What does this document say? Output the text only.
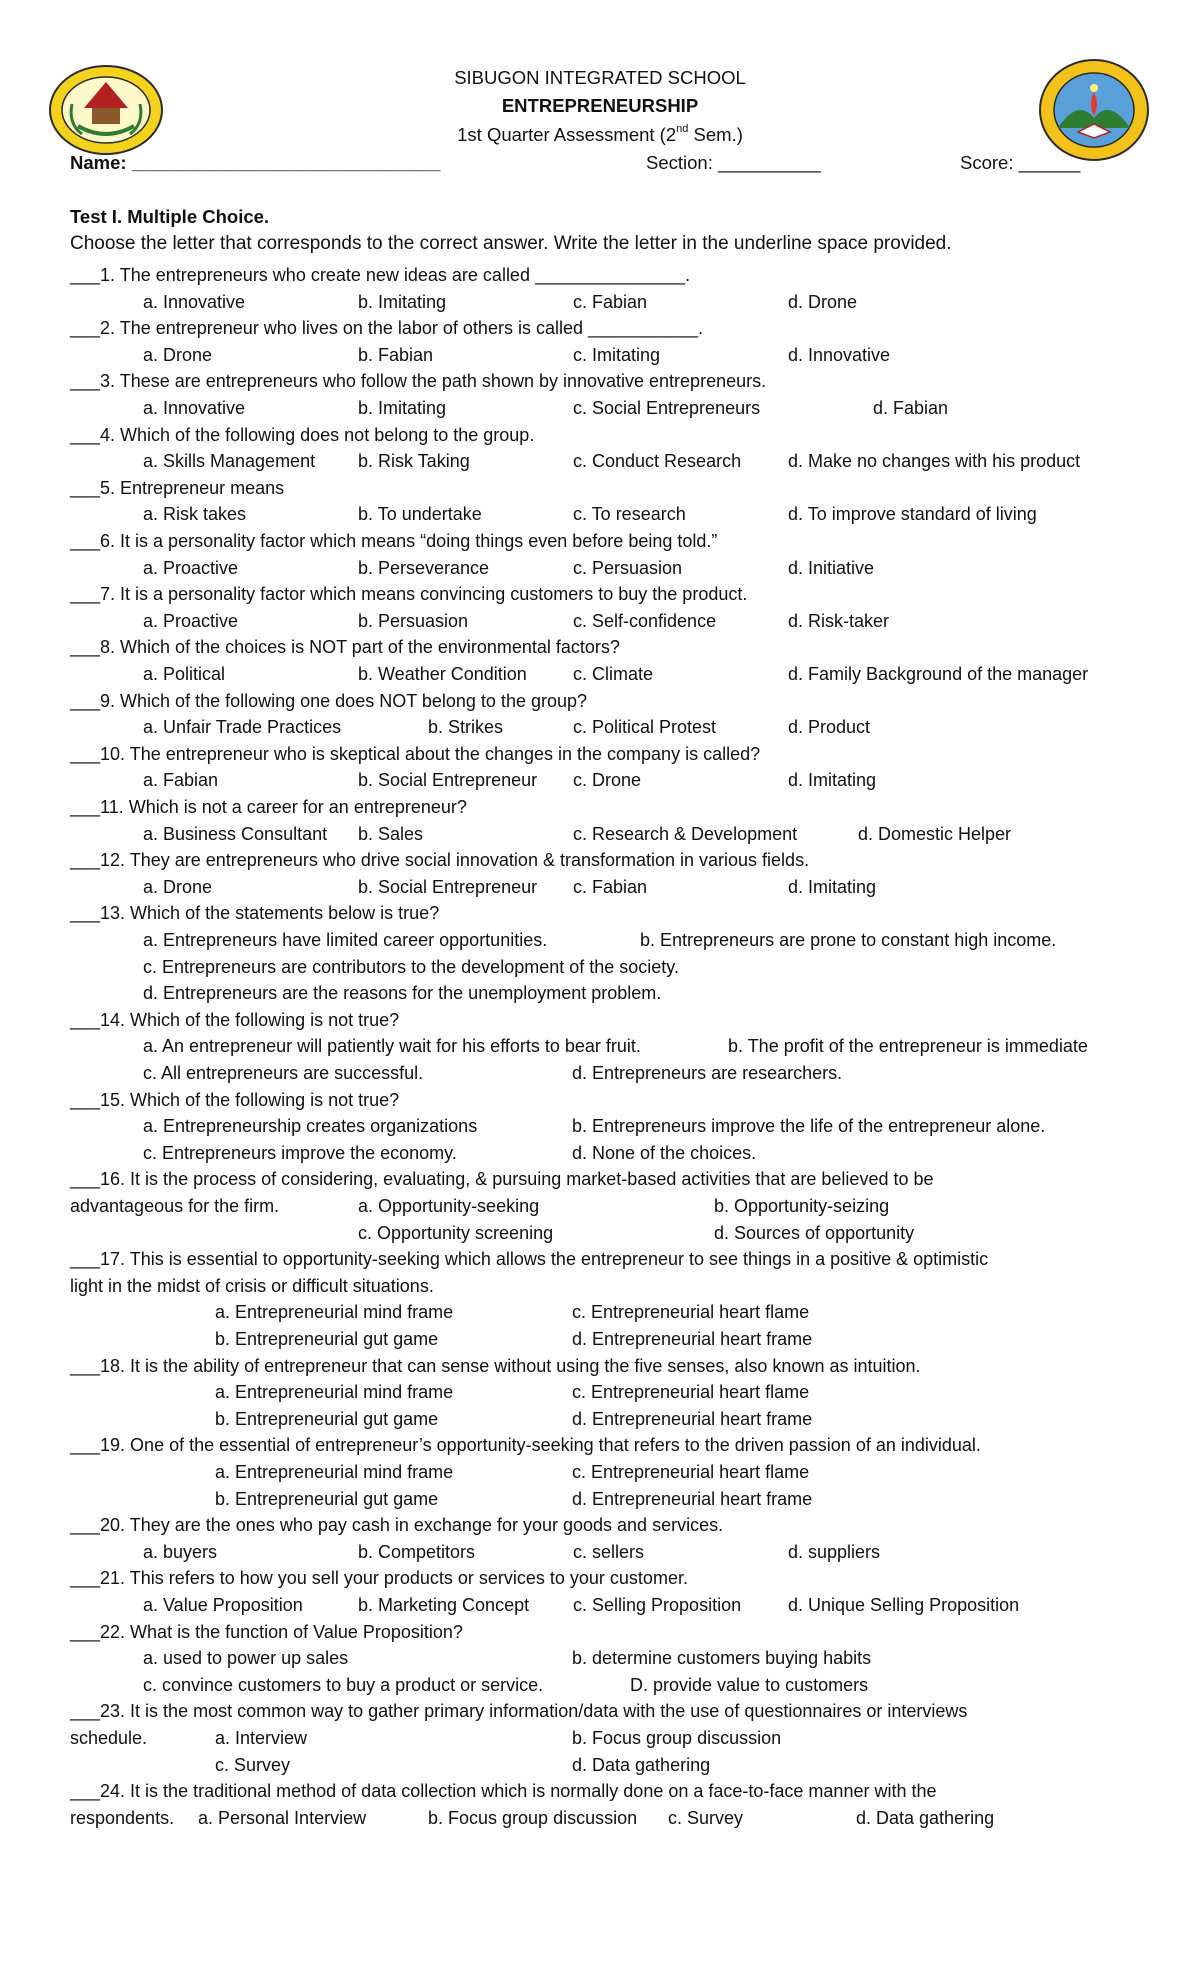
SIBUGON INTEGRATED SCHOOL
ENTREPRENEURSHIP
1st Quarter Assessment (2nd Sem.)
Name: ______________________________	Section: __________	Score: ______
Test I. Multiple Choice.
Choose the letter that corresponds to the correct answer. Write the letter in the underline space provided.
___1. The entrepreneurs who create new ideas are called _______________.
a. Innovative	b. Imitating	c. Fabian	d. Drone
___2. The entrepreneur who lives on the labor of others is called ___________.
a. Drone	b. Fabian	c. Imitating	d. Innovative
___3. These are entrepreneurs who follow the path shown by innovative entrepreneurs.
a. Innovative	b. Imitating	c. Social Entrepreneurs	d. Fabian
___4. Which of the following does not belong to the group.
a. Skills Management b. Risk Taking	c. Conduct Research	d. Make no changes with his product
___5. Entrepreneur means
a. Risk takes	b. To undertake	c. To research	d. To improve standard of living
___6. It is a personality factor which means “doing things even before being told.”
a. Proactive	b. Perseverance	c. Persuasion	d. Initiative
___7. It is a personality factor which means convincing customers to buy the product.
a. Proactive	b. Persuasion	c. Self-confidence	d. Risk-taker
___8. Which of the choices is NOT part of the environmental factors?
a. Political	b. Weather Condition	c. Climate	d. Family Background of the manager
___9. Which of the following one does NOT belong to the group?
a. Unfair Trade Practices	b. Strikes	c. Political Protest	d. Product
___10. The entrepreneur who is skeptical about the changes in the company is called?
a. Fabian	b. Social Entrepreneur c. Drone	d. Imitating
___11. Which is not a career for an entrepreneur?
a. Business Consultant b. Sales	c. Research & Development	d. Domestic Helper
___12. They are entrepreneurs who drive social innovation & transformation in various fields.
a. Drone	b. Social Entrepreneur c. Fabian	d. Imitating
___13. Which of the statements below is true?
a. Entrepreneurs have limited career opportunities.	b. Entrepreneurs are prone to constant high income.
c. Entrepreneurs are contributors to the development of the society.
d. Entrepreneurs are the reasons for the unemployment problem.
___14. Which of the following is not true?
a. An entrepreneur will patiently wait for his efforts to bear fruit.	b. The profit of the entrepreneur is immediate
c. All entrepreneurs are successful.	d. Entrepreneurs are researchers.
___15. Which of the following is not true?
a. Entrepreneurship creates organizations	b. Entrepreneurs improve the life of the entrepreneur alone.
c. Entrepreneurs improve the economy.	d. None of the choices.
___16. It is the process of considering, evaluating, & pursuing market-based activities that are believed to be
advantageous for the firm.	a. Opportunity-seeking	b. Opportunity-seizing
c. Opportunity screening	d. Sources of opportunity
___17. This is essential to opportunity-seeking which allows the entrepreneur to see things in a positive & optimistic
light in the midst of crisis or difficult situations.
a. Entrepreneurial mind frame	c. Entrepreneurial heart flame
b. Entrepreneurial gut game	d. Entrepreneurial heart frame
___18. It is the ability of entrepreneur that can sense without using the five senses, also known as intuition.
a. Entrepreneurial mind frame	c. Entrepreneurial heart flame
b. Entrepreneurial gut game	d. Entrepreneurial heart frame
___19. One of the essential of entrepreneur’s opportunity-seeking that refers to the driven passion of an individual.
a. Entrepreneurial mind frame	c. Entrepreneurial heart flame
b. Entrepreneurial gut game	d. Entrepreneurial heart frame
___20. They are the ones who pay cash in exchange for your goods and services.
a. buyers	b. Competitors	c. sellers	d. suppliers
___21. This refers to how you sell your products or services to your customer.
a. Value Proposition	b. Marketing Concept c. Selling Proposition	d. Unique Selling Proposition
___22. What is the function of Value Proposition?
a. used to power up sales	b. determine customers buying habits
c. convince customers to buy a product or service.	D. provide value to customers
___23. It is the most common way to gather primary information/data with the use of questionnaires or interviews
schedule.	a. Interview	b. Focus group discussion
c. Survey	d. Data gathering
___24. It is the traditional method of data collection which is normally done on a face-to-face manner with the
respondents. a. Personal Interview	b. Focus group discussion c. Survey	d. Data gathering
